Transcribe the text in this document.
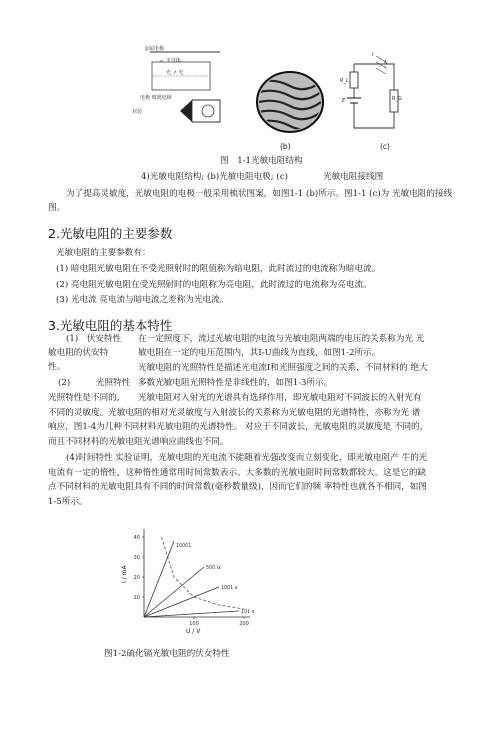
金属电极
↙ 半导体
光 ↗ 光
电极 玻璃电极
封装
(b)
I
R_L
E	R_G
(c)
图　1-1光敏电阻结构
4)光敏电阻结构; (b)光敏电阻电极; (c)	光敏电阻接线图
为了提高灵敏度，光敏电阻的电极一般采用梳状图案，如图1-1 (b)所示。图1-1 (c)为 光敏电阻的接线图。
2.光敏电阻的主要参数
光敏电阻的主要参数有：
(1) 暗电阻光敏电阻在不受光照射时的阻值称为暗电阻，此时流过的电流称为暗电流。
(2) 亮电阻光敏电阻在受光照射时的电阻称为亮电阻，此时流过的电流称为亮电流。
(3) 光电流 亮电流与暗电流之差称为光电流。
3.光敏电阻的基本特性
(1)　伏安特性
敏电阻的伏安特
性。
在一定照度下，流过光敏电阻的电流与光敏电阻两端的电压的关系称为光 光
敏电阻在一定的电压范围内，其I-U曲线为直线，如图1-2所示。
光敏电阻的光照特性是描述光电流I和光照强度之间的关系，不同材料的 绝大
(2)　　　光照特性 多数光敏电阻光照特性是非线性的，如图1-3所示。
光照特性是不同的, 光敏电阻对入射光的光谱具有选择作用，即光敏电阻对不同波长的入射光有
不同的灵敏度。光敏电阻的相对光灵敏度与入射波长的关系称为光敏电阻的光谱特性，亦称为光 谱
响应，图1-4为几种不同材料光敏电阻的光谱特性。 对应于不同波长，光敏电阻的灵敏度是 不同的，
而且不同材料的光敏电阻光谱响应曲线也不同。
(4)时间特性 实验证明，光敏电阻的光电流不能随着光强改变而立刻变化，即光敏电阻产 牛的光
电流有一定的惰性，这种惰性通常用时间常数表示。大多数的光敏电阻时间常数都较大，这是它的缺
点不同材料的光敏电阻具有不同的时间常数(毫秒数量级)，因而它们的频 率特性也就各不相同，如图
1-5所示。
10
20
30
40
100	200
U / V
I / mA
10001
500 lx
1001 x
101 x
图1-2硫化镉光敏电阻的伏女特性
